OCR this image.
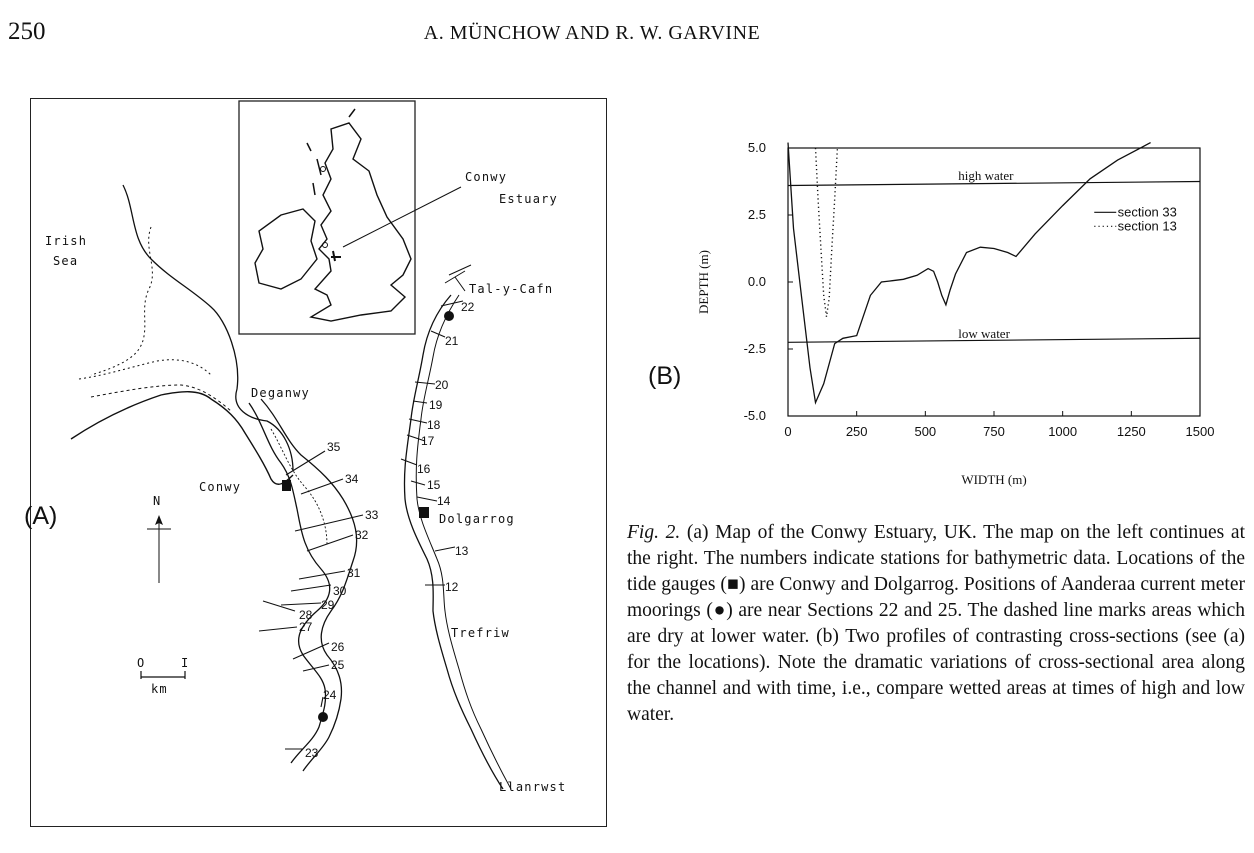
250	A. MÜNCHOW AND R. W. GARVINE
Conwy
Estuary
Irish
Sea
Deganwy
Conwy
35
34
33
32
31
30
29
28
27
26
25
24
23
Tal-y-Cafn
Dolgarrog
Trefriw
Llanrwst
22
21
20
19
18
17
16
15
14
13
12
N
O	I
km
(A)
(B)
0	250	500	750	1000	1250	1500
5.0
2.5
0.0
-2.5
-5.0
WIDTH (m)
DEPTH (m)
high water
low water
section 33
section 13
Fig. 2. (a) Map of the Conwy Estuary, UK. The map on the left continues at the right. The numbers indicate stations for bathymetric data. Locations of the tide gauges (■) are Conwy and Dolgarrog. Positions of Aanderaa current meter moorings (●) are near Sections 22 and 25. The dashed line marks areas which are dry at lower water. (b) Two profiles of contrasting cross-sections (see (a) for the locations). Note the dramatic variations of cross-sectional area along the channel and with time, i.e., compare wetted areas at times of high and low water.
